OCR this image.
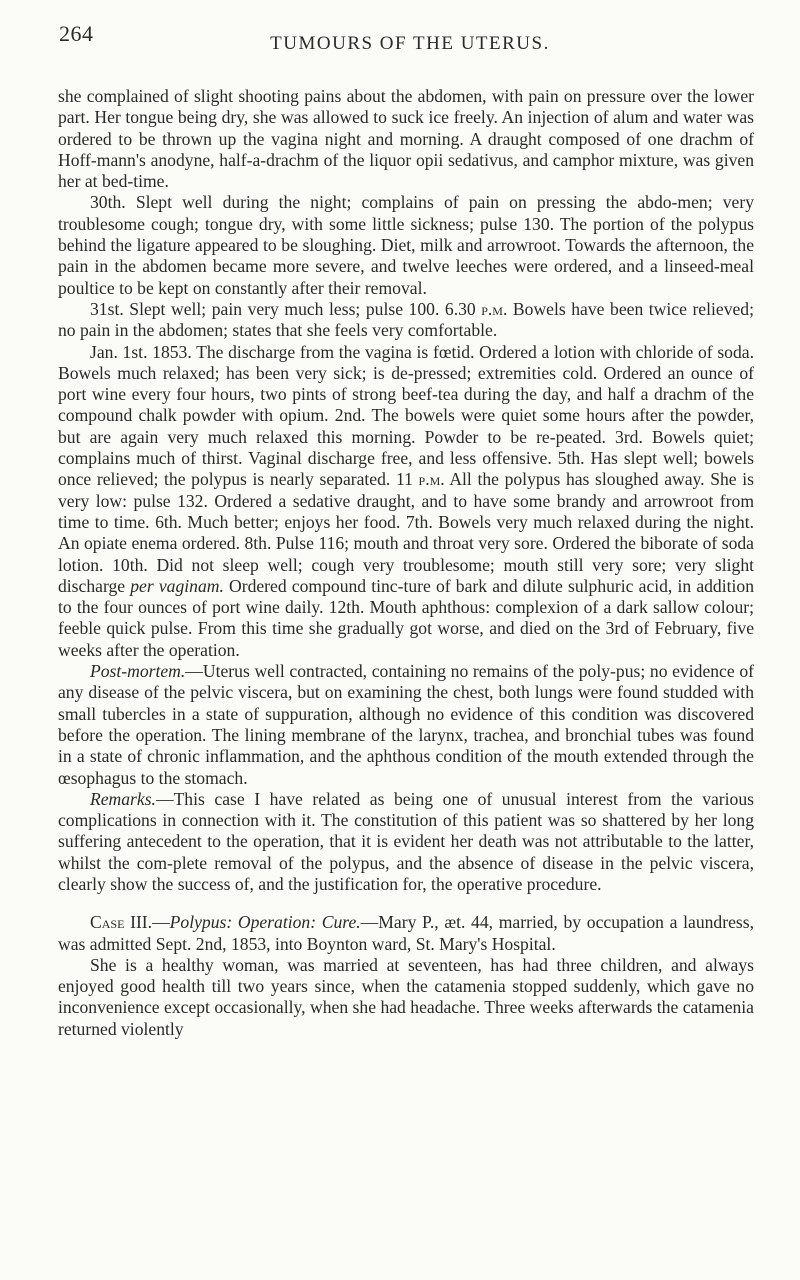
264	TUMOURS OF THE UTERUS.

she complained of slight shooting pains about the abdomen, with pain on pressure over the lower part. Her tongue being dry, she was allowed to suck ice freely. An injection of alum and water was ordered to be thrown up the vagina night and morning. A draught composed of one drachm of Hoff-mann's anodyne, half-a-drachm of the liquor opii sedativus, and camphor mixture, was given her at bed-time.

30th. Slept well during the night; complains of pain on pressing the abdo-men; very troublesome cough; tongue dry, with some little sickness; pulse 130. The portion of the polypus behind the ligature appeared to be sloughing. Diet, milk and arrowroot. Towards the afternoon, the pain in the abdomen became more severe, and twelve leeches were ordered, and a linseed-meal poultice to be kept on constantly after their removal.

31st. Slept well; pain very much less; pulse 100. 6.30 p.m. Bowels have been twice relieved; no pain in the abdomen; states that she feels very comfortable.

Jan. 1st. 1853. The discharge from the vagina is fœtid. Ordered a lotion with chloride of soda. Bowels much relaxed; has been very sick; is de-pressed; extremities cold. Ordered an ounce of port wine every four hours, two pints of strong beef-tea during the day, and half a drachm of the compound chalk powder with opium. 2nd. The bowels were quiet some hours after the powder, but are again very much relaxed this morning. Powder to be re-peated. 3rd. Bowels quiet; complains much of thirst. Vaginal discharge free, and less offensive. 5th. Has slept well; bowels once relieved; the polypus is nearly separated. 11 p.m. All the polypus has sloughed away. She is very low: pulse 132. Ordered a sedative draught, and to have some brandy and arrowroot from time to time. 6th. Much better; enjoys her food. 7th. Bowels very much relaxed during the night. An opiate enema ordered. 8th. Pulse 116; mouth and throat very sore. Ordered the biborate of soda lotion. 10th. Did not sleep well; cough very troublesome; mouth still very sore; very slight discharge per vaginam. Ordered compound tinc-ture of bark and dilute sulphuric acid, in addition to the four ounces of port wine daily. 12th. Mouth aphthous: complexion of a dark sallow colour; feeble quick pulse. From this time she gradually got worse, and died on the 3rd of February, five weeks after the operation.

Post-mortem.—Uterus well contracted, containing no remains of the poly-pus; no evidence of any disease of the pelvic viscera, but on examining the chest, both lungs were found studded with small tubercles in a state of suppuration, although no evidence of this condition was discovered before the operation. The lining membrane of the larynx, trachea, and bronchial tubes was found in a state of chronic inflammation, and the aphthous condition of the mouth extended through the œsophagus to the stomach.

Remarks.—This case I have related as being one of unusual interest from the various complications in connection with it. The constitution of this patient was so shattered by her long suffering antecedent to the operation, that it is evident her death was not attributable to the latter, whilst the com-plete removal of the polypus, and the absence of disease in the pelvic viscera, clearly show the success of, and the justification for, the operative procedure.

Case III.—Polypus: Operation: Cure.—Mary P., æt. 44, married, by occupation a laundress, was admitted Sept. 2nd, 1853, into Boynton ward, St. Mary's Hospital.

She is a healthy woman, was married at seventeen, has had three children, and always enjoyed good health till two years since, when the catamenia stopped suddenly, which gave no inconvenience except occasionally, when she had headache. Three weeks afterwards the catamenia returned violently
